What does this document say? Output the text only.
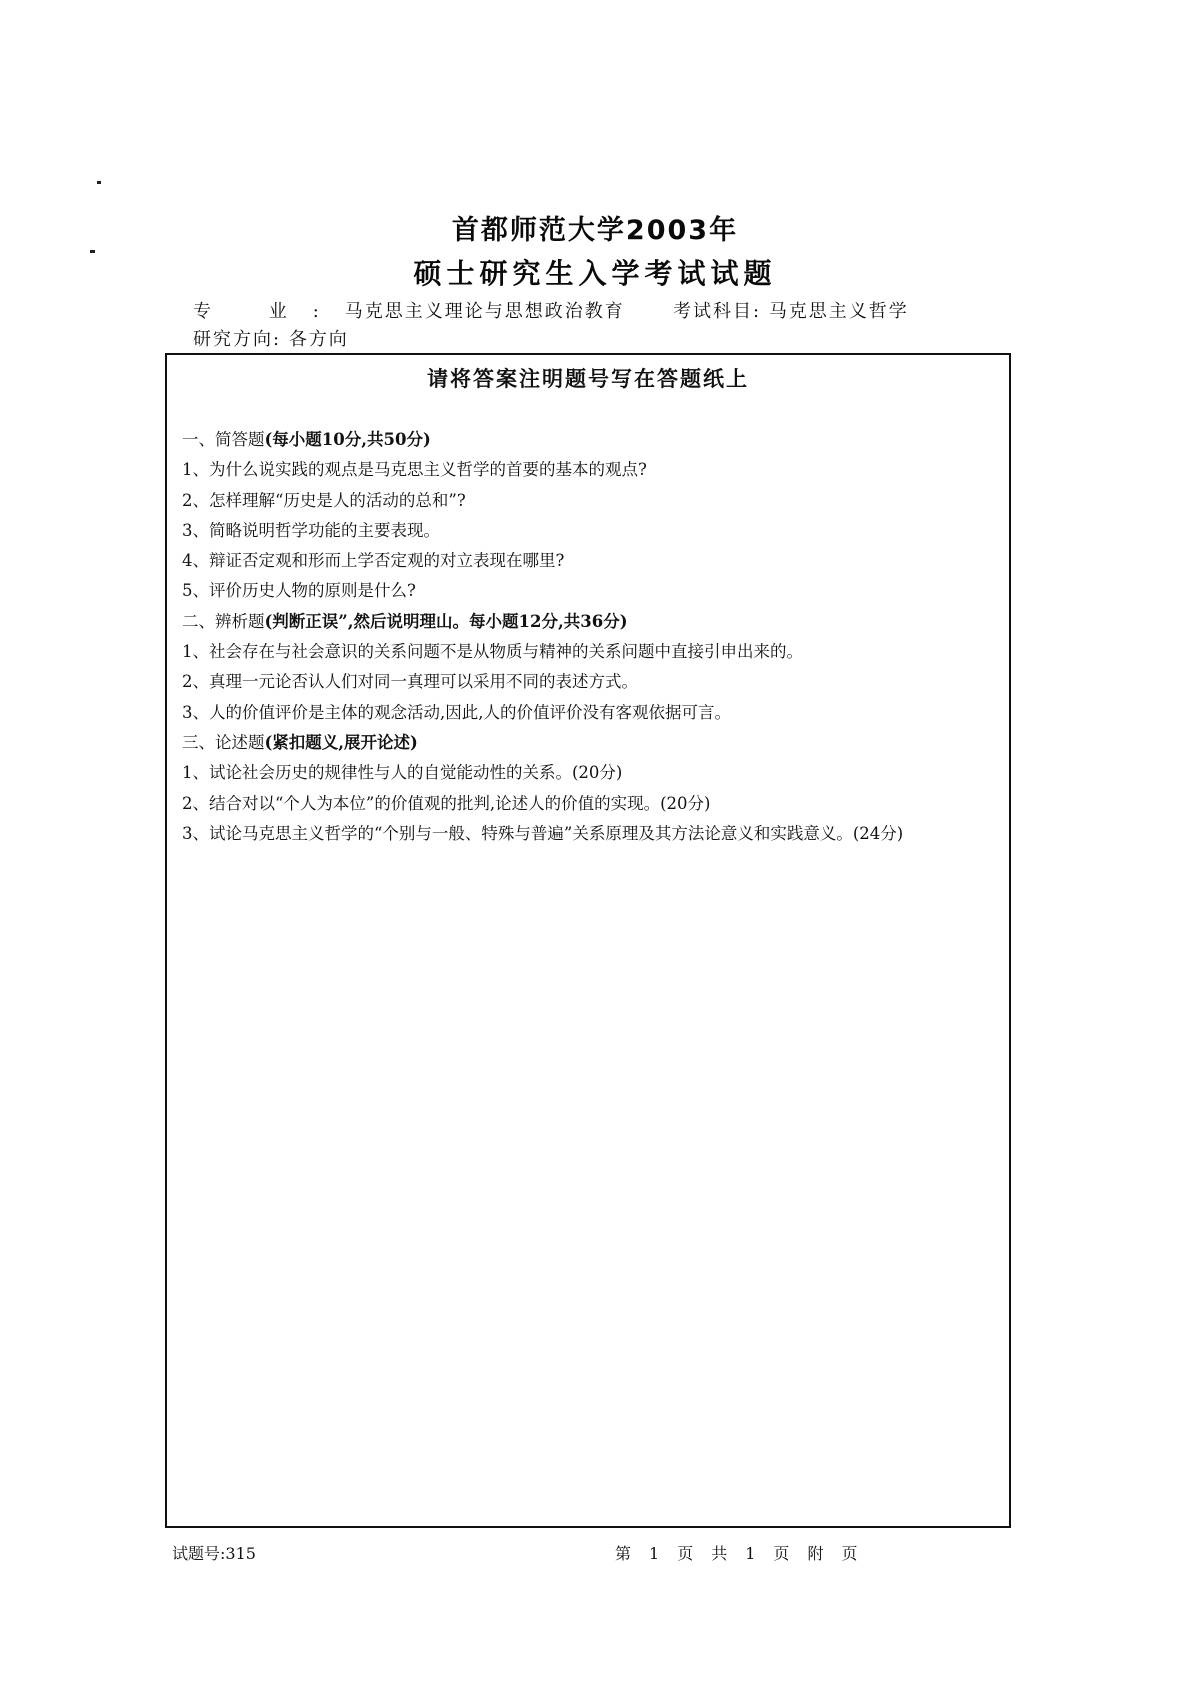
首都师范大学2003年
硕士研究生入学考试试题
专 业:马克思主义理论与思想政治教育	考试科目: 马克思主义哲学
研究方向: 各方向
请将答案注明题号写在答题纸上
一、简答题(每小题10分,共50分)
1、为什么说实践的观点是马克思主义哲学的首要的基本的观点?
2、怎样理解“历史是人的活动的总和”?
3、简略说明哲学功能的主要表现。
4、辩证否定观和形而上学否定观的对立表现在哪里?
5、评价历史人物的原则是什么?
二、辨析题(判断正误”,然后说明理山。每小题12分,共36分)
1、社会存在与社会意识的关系问题不是从物质与精神的关系问题中直接引申出来的。
2、真理一元论否认人们对同一真理可以采用不同的表述方式。
3、人的价值评价是主体的观念活动,因此,人的价值评价没有客观依据可言。
三、论述题(紧扣题义,展开论述)
1、试论社会历史的规律性与人的自觉能动性的关系。(20分)
2、结合对以“个人为本位”的价值观的批判,论述人的价值的实现。(20分)
3、试论马克思主义哲学的“个别与一般、特殊与普遍”关系原理及其方法论意义和实践意义。(24分)
试题号:315	第 1 页 共 1 页 附 页
